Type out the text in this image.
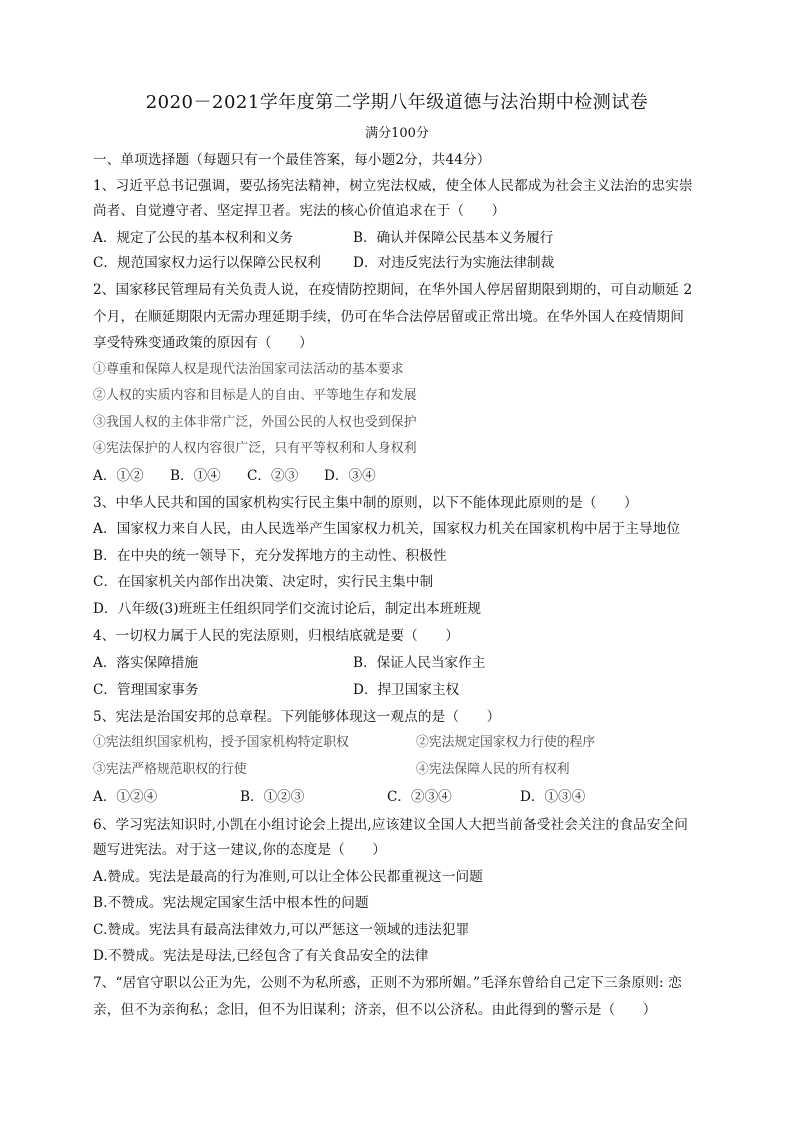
2020－2021学年度第二学期八年级道德与法治期中检测试卷
满分100分
一、单项选择题（每题只有一个最佳答案，每小题2分，共44分）
1、习近平总书记强调，要弘扬宪法精神，树立宪法权威，使全体人民都成为社会主义法治的忠实崇
尚者、自觉遵守者、坚定捍卫者。宪法的核心价值追求在于（　　）
A．规定了公民的基本权利和义务	B．确认并保障公民基本义务履行
C．规范国家权力运行以保障公民权利 D．对违反宪法行为实施法律制裁
2、国家移民管理局有关负责人说，在疫情防控期间，在华外国人停居留期限到期的，可自动顺延 2
个月，在顺延期限内无需办理延期手续，仍可在华合法停居留或正常出境。在华外国人在疫情期间
享受特殊变通政策的原因有（　　）
①尊重和保障人权是现代法治国家司法活动的基本要求
②人权的实质内容和目标是人的自由、平等地生存和发展
③我国人权的主体非常广泛，外国公民的人权也受到保护
④宪法保护的人权内容很广泛，只有平等权利和人身权利
A．①② B．①④ C．②③ D．③④
3、中华人民共和国的国家机构实行民主集中制的原则，以下不能体现此原则的是（　　）
A．国家权力来自人民，由人民选举产生国家权力机关，国家权力机关在国家机构中居于主导地位
B．在中央的统一领导下，充分发挥地方的主动性、积极性
C．在国家机关内部作出决策、决定时，实行民主集中制
D．八年级(3)班班主任组织同学们交流讨论后，制定出本班班规
4、一切权力属于人民的宪法原则，归根结底就是要（　　）
A．落实保障措施	B．保证人民当家作主
C．管理国家事务	D．捍卫国家主权
5、宪法是治国安邦的总章程。下列能够体现这一观点的是（　　）
①宪法组织国家机构，授予国家机构特定职权	②宪法规定国家权力行使的程序
③宪法严格规范职权的行使	④宪法保障人民的所有权利
A．①②④	B．①②③	C．②③④	D．①③④
6、学习宪法知识时,小凯在小组讨论会上提出,应该建议全国人大把当前备受社会关注的食品安全问
题写进宪法。对于这一建议,你的态度是（　　）
A.赞成。宪法是最高的行为准则,可以让全体公民都重视这一问题
B.不赞成。宪法规定国家生活中根本性的问题
C.赞成。宪法具有最高法律效力,可以严惩这一领域的违法犯罪
D.不赞成。宪法是母法,已经包含了有关食品安全的法律
7、“居官守职以公正为先，公则不为私所惑，正则不为邪所媚。”毛泽东曾给自己定下三条原则: 恋
亲，但不为亲徇私；念旧，但不为旧谋利；济亲，但不以公济私。由此得到的警示是（　　）
